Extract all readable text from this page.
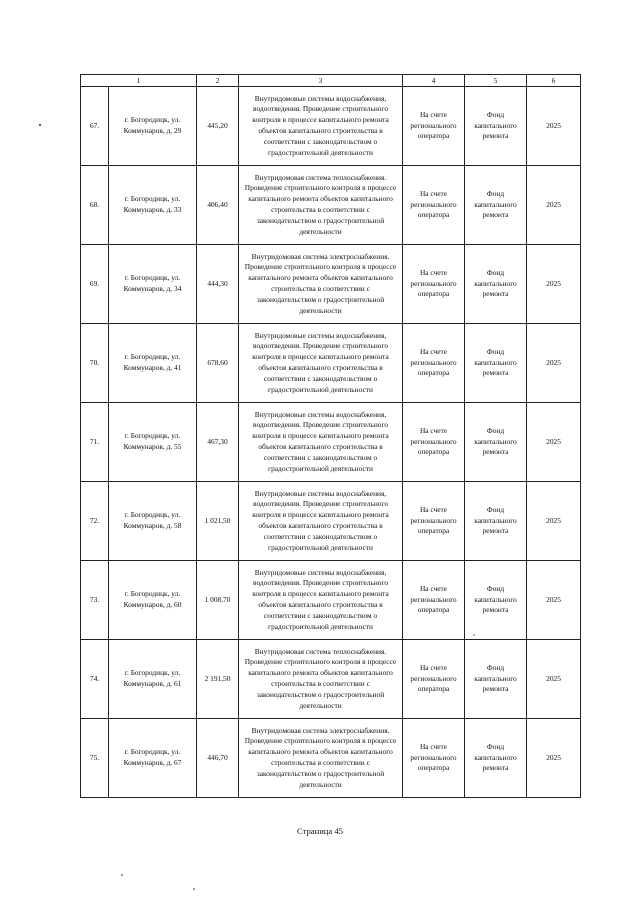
1		2	3	4	5	6
67.	г. Богородицк, ул. Коммунаров, д. 29	445,20	Внутридомовые системы водоснабжения, водоотведения. Проведение строительного контроля в процессе капитального ремонта объектов капитального строительства в соответствии с законодательством о градостроительной деятельности	На счете регионального оператора	Фонд капитального ремонта	2025
68.	г. Богородицк, ул. Коммунаров, д. 33	406,40	Внутридомовая система теплоснабжения. Проведение строительного контроля в процессе капитального ремонта объектов капитального строительства в соответствии с законодательством о градостроительной деятельности	На счете регионального оператора	Фонд капитального ремонта	2025
69.	г. Богородицк, ул. Коммунаров, д. 34	444,30	Внутридомовая система электроснабжения. Проведение строительного контроля в процессе капитального ремонта объектов капитального строительства в соответствии с законодательством о градостроительной деятельности	На счете регионального оператора	Фонд капитального ремонта	2025
70.	г. Богородицк, ул. Коммунаров, д. 41	678,60	Внутридомовые системы водоснабжения, водоотведения. Проведение строительного контроля в процессе капитального ремонта объектов капитального строительства в соответствии с законодательством о градостроительной деятельности	На счете регионального оператора	Фонд капитального ремонта	2025
71.	г. Богородицк, ул. Коммунаров, д. 55	467,30	Внутридомовые системы водоснабжения, водоотведения. Проведение строительного контроля в процессе капитального ремонта объектов капитального строительства в соответствии с законодательством о градостроительной деятельности	На счете регионального оператора	Фонд капитального ремонта	2025
72.	г. Богородицк, ул. Коммунаров, д. 58	1 021,50	Внутридомовые системы водоснабжения, водоотведения. Проведение строительного контроля в процессе капитального ремонта объектов капитального строительства в соответствии с законодательством о градостроительной деятельности	На счете регионального оператора	Фонд капитального ремонта	2025
73.	г. Богородицк, ул. Коммунаров, д. 60	1 008,70	Внутридомовые системы водоснабжения, водоотведения. Проведение строительного контроля в процессе капитального ремонта объектов капитального строительства в соответствии с законодательством о градостроительной деятельности	На счете регионального оператора	Фонд капитального ремонта	2025
74.	г. Богородицк, ул. Коммунаров, д. 61	2 191,50	Внутридомовая система теплоснабжения. Проведение строительного контроля в процессе капитального ремонта объектов капитального строительства в соответствии с законодательством о градостроительной деятельности	На счете регионального оператора	Фонд капитального ремонта	2025
75.	г. Богородицк, ул. Коммунаров, д. 67	446,70	Внутридомовая система электроснабжения. Проведение строительного контроля в процессе капитального ремонта объектов капитального строительства в соответствии с законодательством о градостроительной деятельности	На счете регионального оператора	Фонд капитального ремонта	2025
Страница 45
